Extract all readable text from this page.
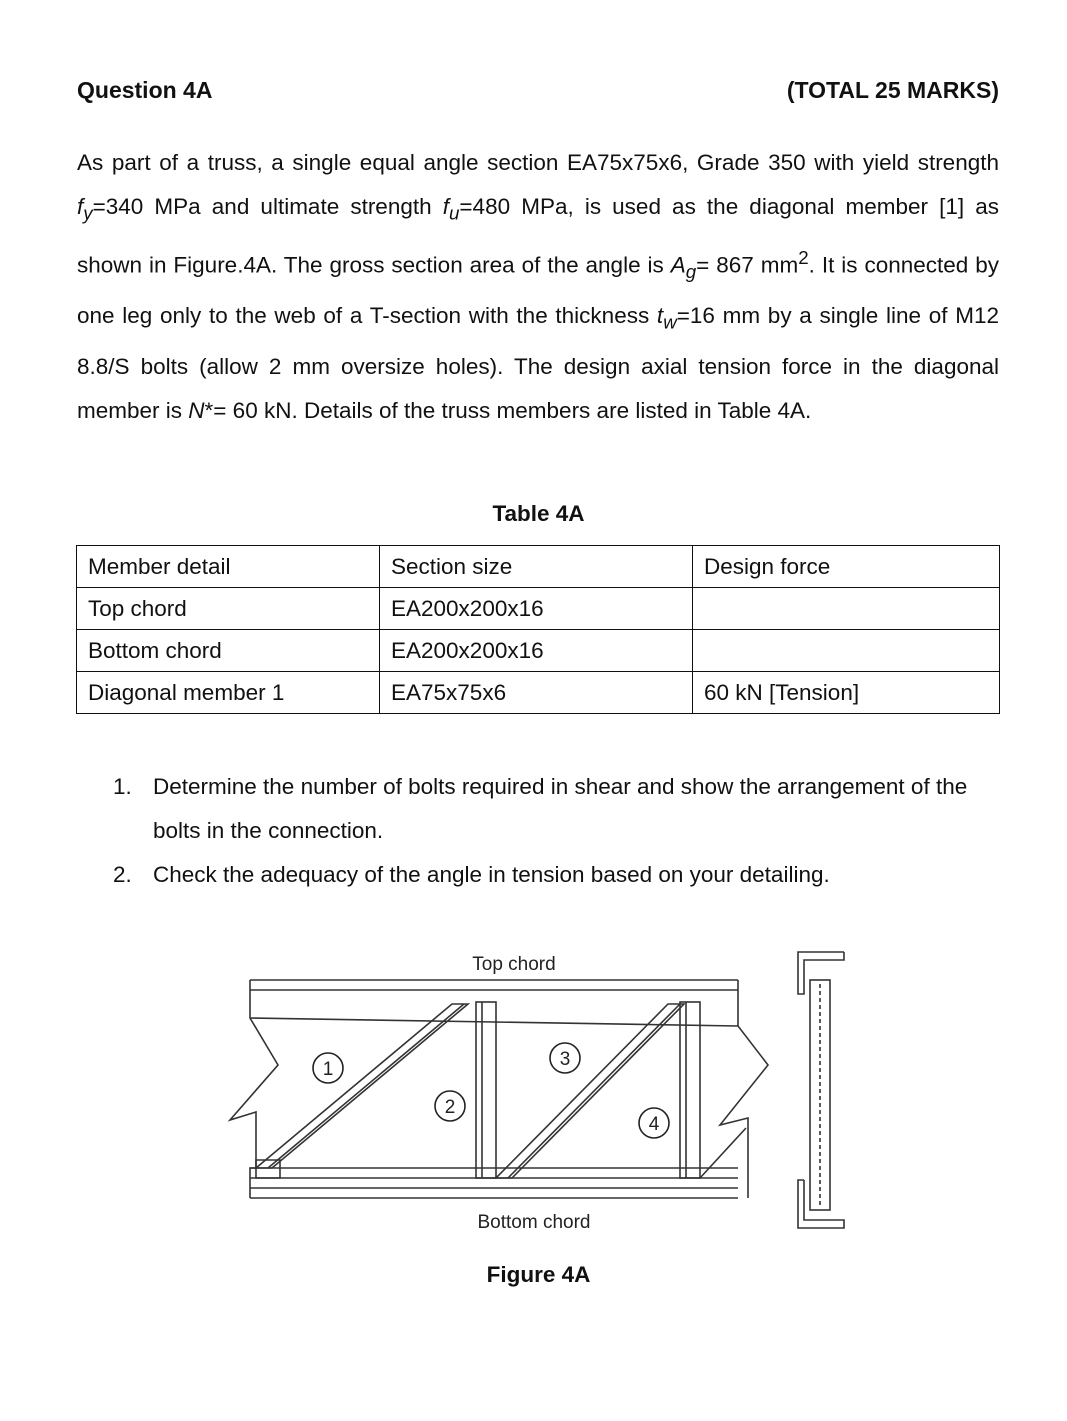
Question 4A	(TOTAL 25 MARKS)

As part of a truss, a single equal angle section EA75x75x6, Grade 350 with yield strength $f_y=340$ MPa and ultimate strength $f_u=480$ MPa, is used as the diagonal member [1] as shown in Figure.4A. The gross section area of the angle is $A_g= 867$ $mm^2$. It is connected by one leg only to the web of a T-section with the thickness $t_w=16$ mm by a single line of M12 8.8/S bolts (allow 2 mm oversize holes). The design axial tension force in the diagonal member is N*= 60 kN. Details of the truss members are listed in Table 4A.

Table 4A
Member detail	Section size	Design force
Top chord	EA200x200x16	
Bottom chord	EA200x200x16	
Diagonal member 1	EA75x75x6	60 kN [Tension]
1. Determine the number of bolts required in shear and show the arrangement of the bolts in the connection.
2. Check the adequacy of the angle in tension based on your detailing.
Top chord
Bottom chord
1
2
3
4
Figure 4A
